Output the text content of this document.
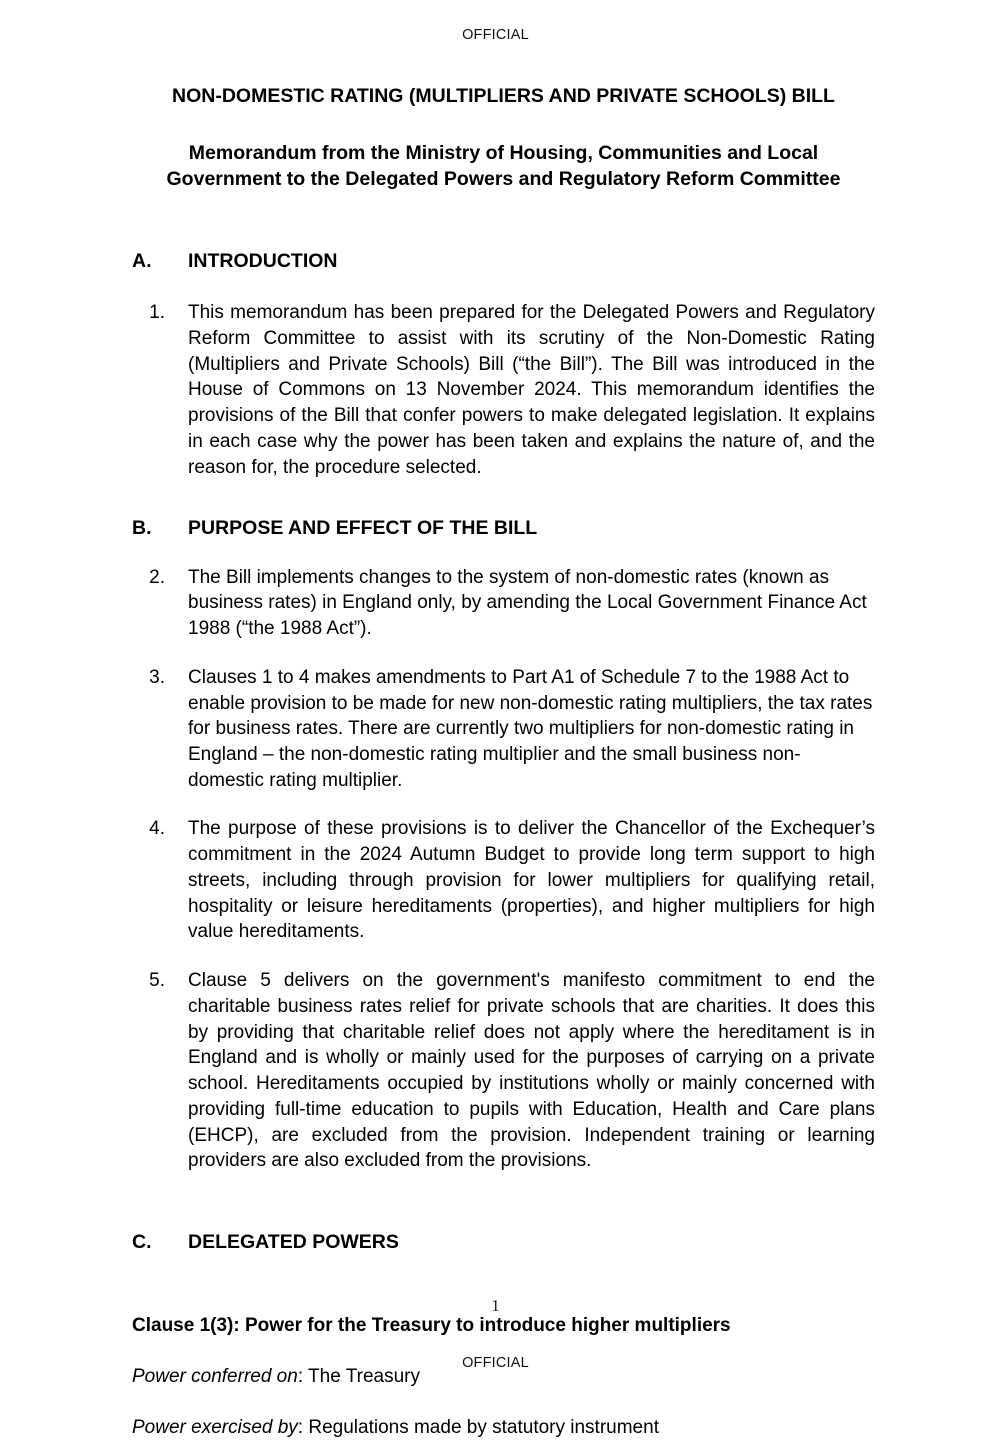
OFFICIAL
NON-DOMESTIC RATING (MULTIPLIERS AND PRIVATE SCHOOLS) BILL
Memorandum from the Ministry of Housing, Communities and Local Government to the Delegated Powers and Regulatory Reform Committee
A.	INTRODUCTION
1.	This memorandum has been prepared for the Delegated Powers and Regulatory Reform Committee to assist with its scrutiny of the Non-Domestic Rating (Multipliers and Private Schools) Bill (“the Bill”). The Bill was introduced in the House of Commons on 13 November 2024. This memorandum identifies the provisions of the Bill that confer powers to make delegated legislation. It explains in each case why the power has been taken and explains the nature of, and the reason for, the procedure selected.
B.	PURPOSE AND EFFECT OF THE BILL
2.	The Bill implements changes to the system of non-domestic rates (known as business rates) in England only, by amending the Local Government Finance Act 1988 (“the 1988 Act”).
3.	Clauses 1 to 4 makes amendments to Part A1 of Schedule 7 to the 1988 Act to enable provision to be made for new non-domestic rating multipliers, the tax rates for business rates. There are currently two multipliers for non-domestic rating in England – the non-domestic rating multiplier and the small business non-domestic rating multiplier.
4.	The purpose of these provisions is to deliver the Chancellor of the Exchequer’s commitment in the 2024 Autumn Budget to provide long term support to high streets, including through provision for lower multipliers for qualifying retail, hospitality or leisure hereditaments (properties), and higher multipliers for high value hereditaments.
5.	Clause 5 delivers on the government's manifesto commitment to end the charitable business rates relief for private schools that are charities. It does this by providing that charitable relief does not apply where the hereditament is in England and is wholly or mainly used for the purposes of carrying on a private school. Hereditaments occupied by institutions wholly or mainly concerned with providing full-time education to pupils with Education, Health and Care plans (EHCP), are excluded from the provision. Independent training or learning providers are also excluded from the provisions.
C.	DELEGATED POWERS
Clause 1(3): Power for the Treasury to introduce higher multipliers
Power conferred on: The Treasury
Power exercised by: Regulations made by statutory instrument
1
OFFICIAL
